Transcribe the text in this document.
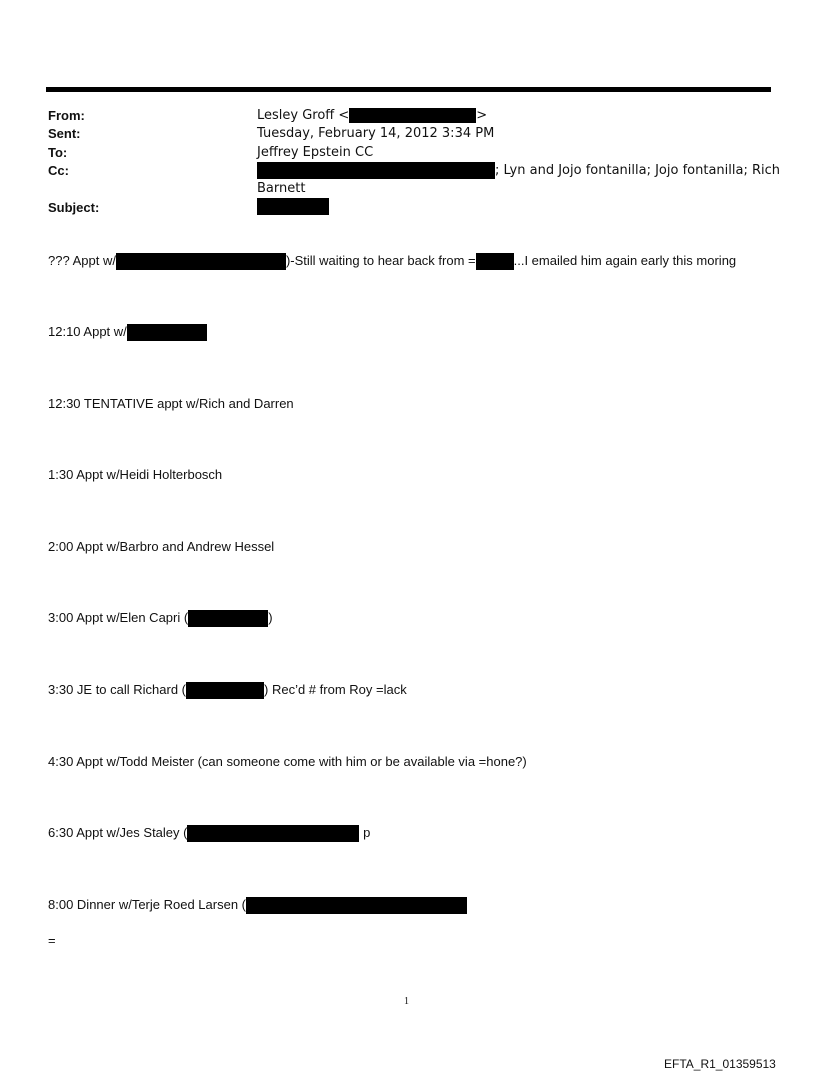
From:	Lesley Groff <	>
Sent:	Tuesday, February 14, 2012 3:34 PM
To:	Jeffrey Epstein CC
Cc:	; Lyn and Jojo fontanilla; Jojo fontanilla; Rich
Barnett
Subject:
??? Appt w/	)-Still waiting to hear back from =	...I emailed him again early this moring
12:10 Appt w/
12:30 TENTATIVE appt w/Rich and Darren
1:30 Appt w/Heidi Holterbosch
2:00 Appt w/Barbro and Andrew Hessel
3:00 Appt w/Elen Capri (	)
3:30 JE to call Richard (	) Rec’d # from Roy =lack
4:30 Appt w/Todd Meister (can someone come with him or be available via =hone?)
6:30 Appt w/Jes Staley (	p
8:00 Dinner w/Terje Roed Larsen (
=
1
EFTA_R1_01359513
